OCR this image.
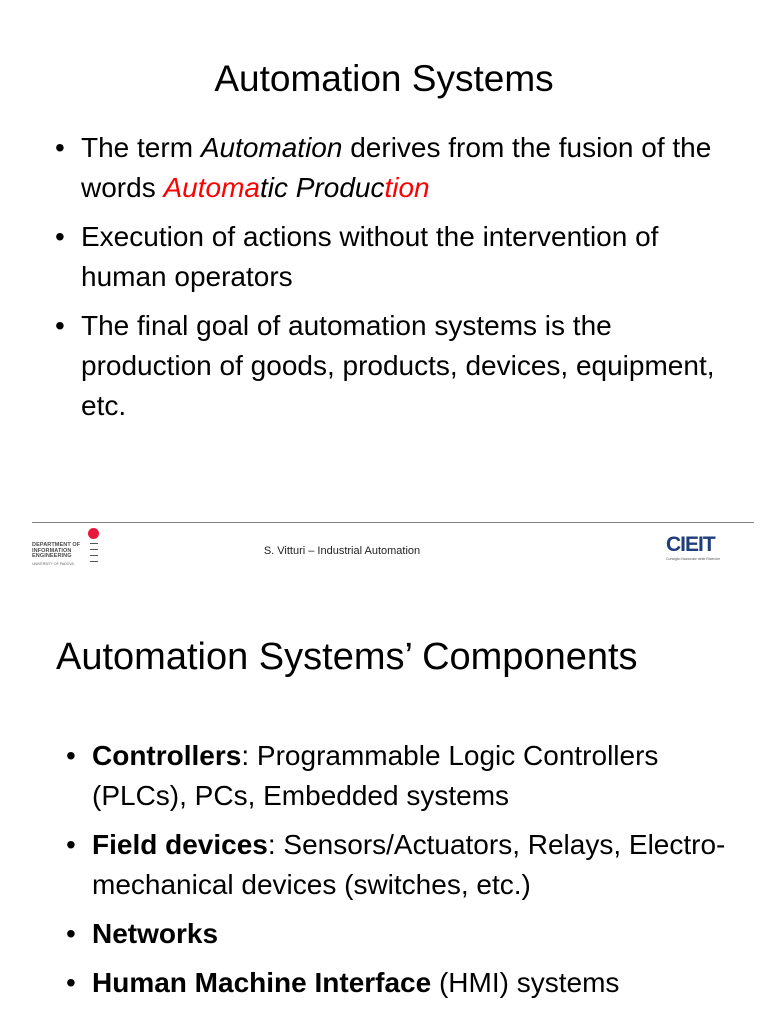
Automation Systems
• The term Automation derives from the fusion of the words Automatic Production
• Execution of actions without the intervention of human operators
• The final goal of automation systems is the production of goods, products, devices, equipment, etc.
DEPARTMENT OF
INFORMATION
ENGINEERING
UNIVERSITY OF PADOVA
S. Vitturi – Industrial Automation	CIEIT
Consiglio Nazionale delle Ricerche
Automation Systems’ Components
• Controllers: Programmable Logic Controllers (PLCs), PCs, Embedded systems
• Field devices: Sensors/Actuators, Relays, Electro-mechanical devices (switches, etc.)
• Networks
• Human Machine Interface (HMI) systems
